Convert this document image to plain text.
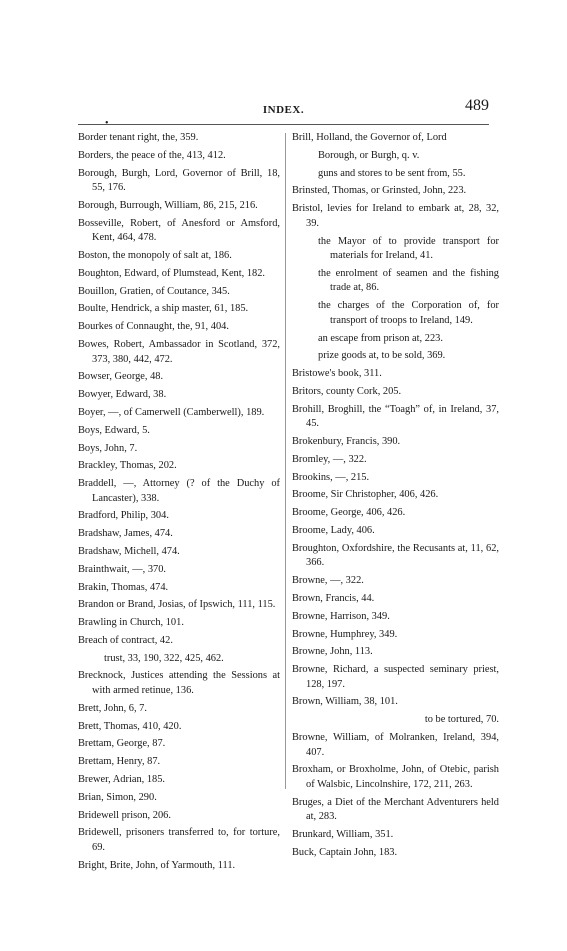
•
INDEX.	489

Border tenant right, the, 359.

Borders, the peace of the, 413, 412.

Borough, Burgh, Lord, Governor of Brill, 18, 55, 176.

Borough, Burrough, William, 86, 215, 216.

Bosseville, Robert, of Anesford or Amsford, Kent, 464, 478.

Boston, the monopoly of salt at, 186.

Boughton, Edward, of Plumstead, Kent, 182.

Bouillon, Gratien, of Coutance, 345.

Boulte, Hendrick, a ship master, 61, 185.

Bourkes of Connaught, the, 91, 404.

Bowes, Robert, Ambassador in Scotland, 372, 373, 380, 442, 472.

Bowser, George, 48.

Bowyer, Edward, 38.

Boyer, —, of Camerwell (Camberwell), 189.

Boys, Edward, 5.

Boys, John, 7.

Brackley, Thomas, 202.

Braddell, —, Attorney (? of the Duchy of Lancaster), 338.

Bradford, Philip, 304.

Bradshaw, James, 474.

Bradshaw, Michell, 474.

Brainthwait, —, 370.

Brakin, Thomas, 474.

Brandon or Brand, Josias, of Ipswich, 111, 115.

Brawling in Church, 101.

Breach of contract, 42.

trust, 33, 190, 322, 425, 462.

Brecknock, Justices attending the Sessions at with armed retinue, 136.

Brett, John, 6, 7.

Brett, Thomas, 410, 420.

Brettam, George, 87.

Brettam, Henry, 87.

Brewer, Adrian, 185.

Brian, Simon, 290.

Bridewell prison, 206.

Bridewell, prisoners transferred to, for torture, 69.

Bright, Brite, John, of Yarmouth, 111.

Brill, Holland, the Governor of, Lord

Borough, or Burgh, q. v.

guns and stores to be sent from, 55.

Brinsted, Thomas, or Grinsted, John, 223.

Bristol, levies for Ireland to embark at, 28, 32, 39.

the Mayor of to provide transport for materials for Ireland, 41.

the enrolment of seamen and the fishing trade at, 86.

the charges of the Corporation of, for transport of troops to Ireland, 149.

an escape from prison at, 223.

prize goods at, to be sold, 369.

Bristowe's book, 311.

Britors, county Cork, 205.

Brohill, Broghill, the “Toagh” of, in Ireland, 37, 45.

Brokenbury, Francis, 390.

Bromley, —, 322.

Brookins, —, 215.

Broome, Sir Christopher, 406, 426.

Broome, George, 406, 426.

Broome, Lady, 406.

Broughton, Oxfordshire, the Recusants at, 11, 62, 366.

Browne, —, 322.

Brown, Francis, 44.

Browne, Harrison, 349.

Browne, Humphrey, 349.

Browne, John, 113.

Browne, Richard, a suspected seminary priest, 128, 197.

Brown, William, 38, 101.

to be tortured, 70.

Browne, William, of Molranken, Ireland, 394, 407.

Broxham, or Broxholme, John, of Otebic, parish of Walsbic, Lincolnshire, 172, 211, 263.

Bruges, a Diet of the Merchant Adventurers held at, 283.

Brunkard, William, 351.

Buck, Captain John, 183.
